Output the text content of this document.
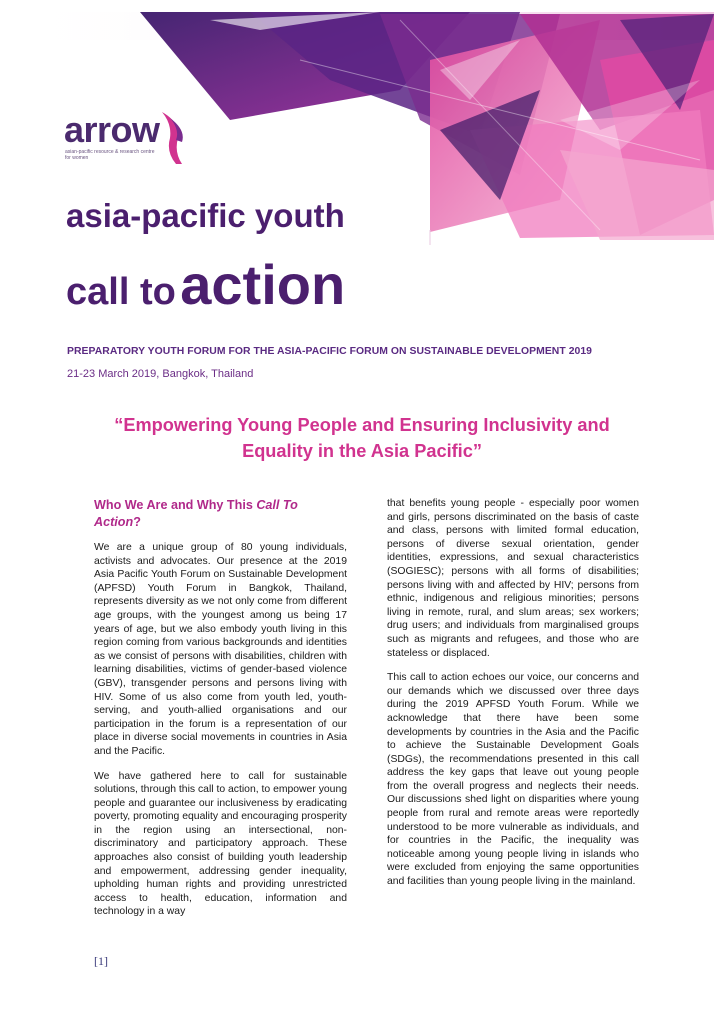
arrow
asian-pacific resource & research centre for women
asia-pacific youth
call to action
PREPARATORY YOUTH FORUM FOR THE ASIA-PACIFIC FORUM ON SUSTAINABLE DEVELOPMENT 2019
21-23 March 2019, Bangkok, Thailand
“Empowering Young People and Ensuring Inclusivity and
Equality in the Asia Pacific”
Who We Are and Why This Call To Action?

We are a unique group of 80 young individuals, activists and advocates. Our presence at the 2019 Asia Pacific Youth Forum on Sustainable Development (APFSD) Youth Forum in Bangkok, Thailand, represents diversity as we not only come from different age groups, with the youngest among us being 17 years of age, but we also embody youth living in this region coming from various backgrounds and identities as we consist of persons with disabilities, children with learning disabilities, victims of gender-based violence (GBV), transgender persons and persons living with HIV. Some of us also come from youth led, youth-serving, and youth-allied organisations and our participation in the forum is a representation of our place in diverse social movements in countries in Asia and the Pacific.

We have gathered here to call for sustainable solutions, through this call to action, to empower young people and guarantee our inclusiveness by eradicating poverty, promoting equality and encouraging prosperity in the region using an intersectional, non-discriminatory and participatory approach. These approaches also consist of building youth leadership and empowerment, addressing gender inequality, upholding human rights and providing unrestricted access to health, education, information and technology in a way

that benefits young people - especially poor women and girls, persons discriminated on the basis of caste and class, persons with limited formal education, persons of diverse sexual orientation, gender identities, expressions, and sexual characteristics (SOGIESC); persons with all forms of disabilities; persons living with and affected by HIV; persons from ethnic, indigenous and religious minorities; persons living in remote, rural, and slum areas; sex workers; drug users; and individuals from marginalised groups such as migrants and refugees, and those who are stateless or displaced.

This call to action echoes our voice, our concerns and our demands which we discussed over three days during the 2019 APFSD Youth Forum. While we acknowledge that there have been some developments by countries in the Asia and the Pacific to achieve the Sustainable Development Goals (SDGs), the recommendations presented in this call address the key gaps that leave out young people from the overall progress and neglects their needs. Our discussions shed light on disparities where young people from rural and remote areas were reportedly understood to be more vulnerable as individuals, and for countries in the Pacific, the inequality was noticeable among young people living in islands who were excluded from enjoying the same opportunities and facilities than young people living in the mainland.

[1]
